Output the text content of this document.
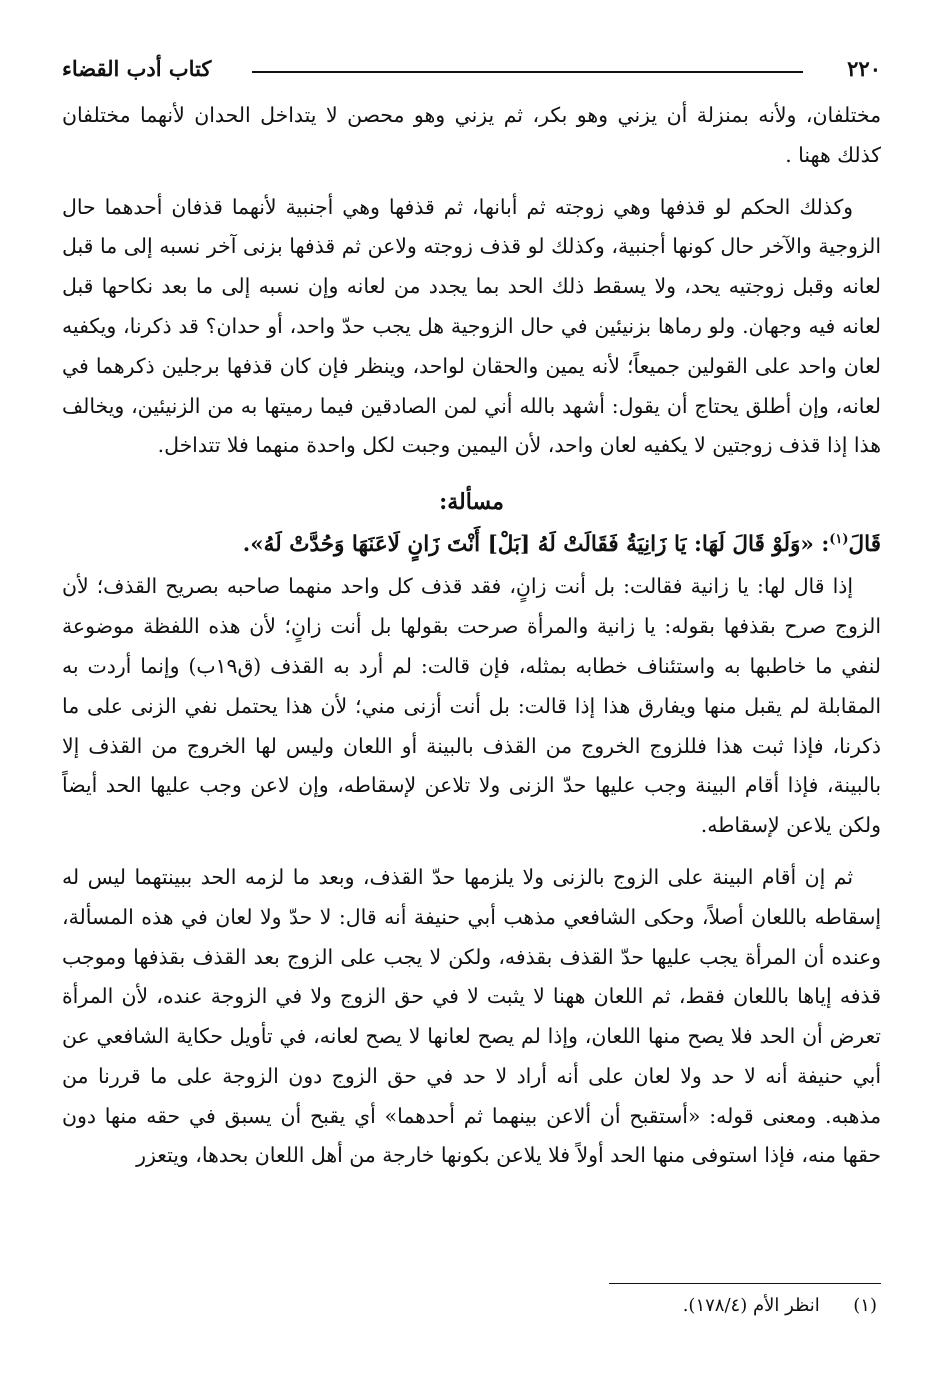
٢٢٠
كتاب أدب القضاء

مختلفان، ولأنه بمنزلة أن يزني وهو بكر، ثم يزني وهو محصن لا يتداخل الحدان لأنهما مختلفان كذلك ههنا .

وكذلك الحكم لو قذفها وهي زوجته ثم أبانها، ثم قذفها وهي أجنبية لأنهما قذفان أحدهما حال الزوجية والآخر حال كونها أجنبية، وكذلك لو قذف زوجته ولاعن ثم قذفها بزنى آخر نسبه إلى ما قبل لعانه وقبل زوجتيه يحد، ولا يسقط ذلك الحد بما يجدد من لعانه وإن نسبه إلى ما بعد نكاحها قبل لعانه فيه وجهان. ولو رماها بزنيئين في حال الزوجية هل يجب حدّ واحد، أو حدان؟ قد ذكرنا، ويكفيه لعان واحد على القولين جميعاً؛ لأنه يمين والحقان لواحد، وينظر فإن كان قذفها برجلين ذكرهما في لعانه، وإن أطلق يحتاج أن يقول: أشهد بالله أني لمن الصادقين فيما رميتها به من الزنيئين، ويخالف هذا إذا قذف زوجتين لا يكفيه لعان واحد، لأن اليمين وجبت لكل واحدة منهما فلا تتداخل.

مسألة:

قَالَ$^{(١)}$: «وَلَوْ قَالَ لَهَا: يَا زَانِيَةُ فَقَالَتْ لَهُ [بَلْ] أَنْتَ زَانٍ لَاعَنَهَا وَحُدَّتْ لَهُ».

إذا قال لها: يا زانية فقالت: بل أنت زانٍ، فقد قذف كل واحد منهما صاحبه بصريح القذف؛ لأن الزوج صرح بقذفها بقوله: يا زانية والمرأة صرحت بقولها بل أنت زانٍ؛ لأن هذه اللفظة موضوعة لنفي ما خاطبها به واستئناف خطابه بمثله، فإن قالت: لم أرد به القذف (ق١٩ب) وإنما أردت به المقابلة لم يقبل منها ويفارق هذا إذا قالت: بل أنت أزنى مني؛ لأن هذا يحتمل نفي الزنى على ما ذكرنا، فإذا ثبت هذا فللزوج الخروج من القذف بالبينة أو اللعان وليس لها الخروج من القذف إلا بالبينة، فإذا أقام البينة وجب عليها حدّ الزنى ولا تلاعن لإسقاطه، وإن لاعن وجب عليها الحد أيضاً ولكن يلاعن لإسقاطه.

ثم إن أقام البينة على الزوج بالزنى ولا يلزمها حدّ القذف، وبعد ما لزمه الحد ببينتهما ليس له إسقاطه باللعان أصلاً، وحكى الشافعي مذهب أبي حنيفة أنه قال: لا حدّ ولا لعان في هذه المسألة، وعنده أن المرأة يجب عليها حدّ القذف بقذفه، ولكن لا يجب على الزوج بعد القذف بقذفها وموجب قذفه إياها باللعان فقط، ثم اللعان ههنا لا يثبت لا في حق الزوج ولا في الزوجة عنده، لأن المرأة تعرض أن الحد فلا يصح منها اللعان، وإذا لم يصح لعانها لا يصح لعانه، في تأويل حكاية الشافعي عن أبي حنيفة أنه لا حد ولا لعان على أنه أراد لا حد في حق الزوج دون الزوجة على ما قررنا من مذهبه. ومعنى قوله: «أستقبح أن ألاعن بينهما ثم أحدهما» أي يقبح أن يسبق في حقه منها دون حقها منه، فإذا استوفى منها الحد أولاً فلا يلاعن بكونها خارجة من أهل اللعان بحدها، ويتعزر

(١)  انظر الأم (١٧٨/٤).
